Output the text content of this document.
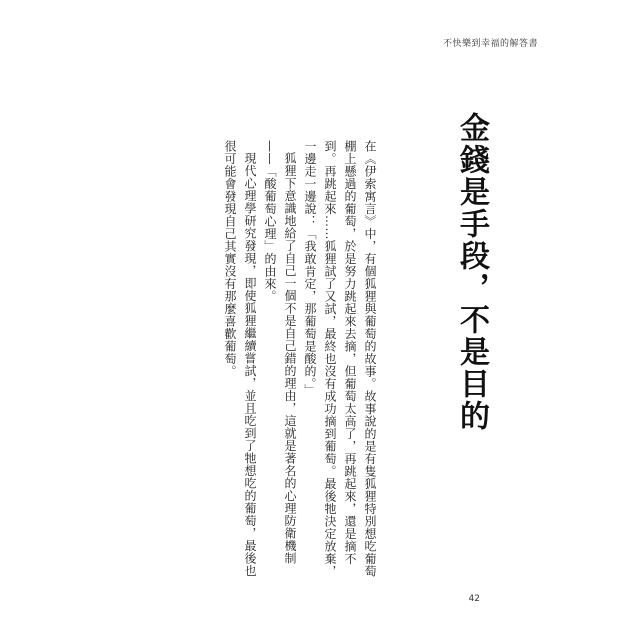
不快樂到幸福的解答書
金錢是手段，不是目的

在《伊索寓言》中，有個狐狸與葡萄的故事。故事說的是有隻狐狸特別想吃葡萄棚上懸過的葡萄，於是努力跳起來去摘，但葡萄太高了，再跳起來，還是摘不到。再跳起來……狐狸試了又試，最終也沒有成功摘到葡萄。最後牠決定放棄，一邊走一邊說：「我敢肯定，那葡萄是酸的。」

狐狸下意識地給了自己一個不是自己錯的理由，這就是著名的心理防衛機制——「酸葡萄心理」的由來。

現代心理學研究發現，即使狐狸繼續嘗試，並且吃到了牠想吃的葡萄，最後也很可能會發現自己其實沒有那麼喜歡葡萄。

42
